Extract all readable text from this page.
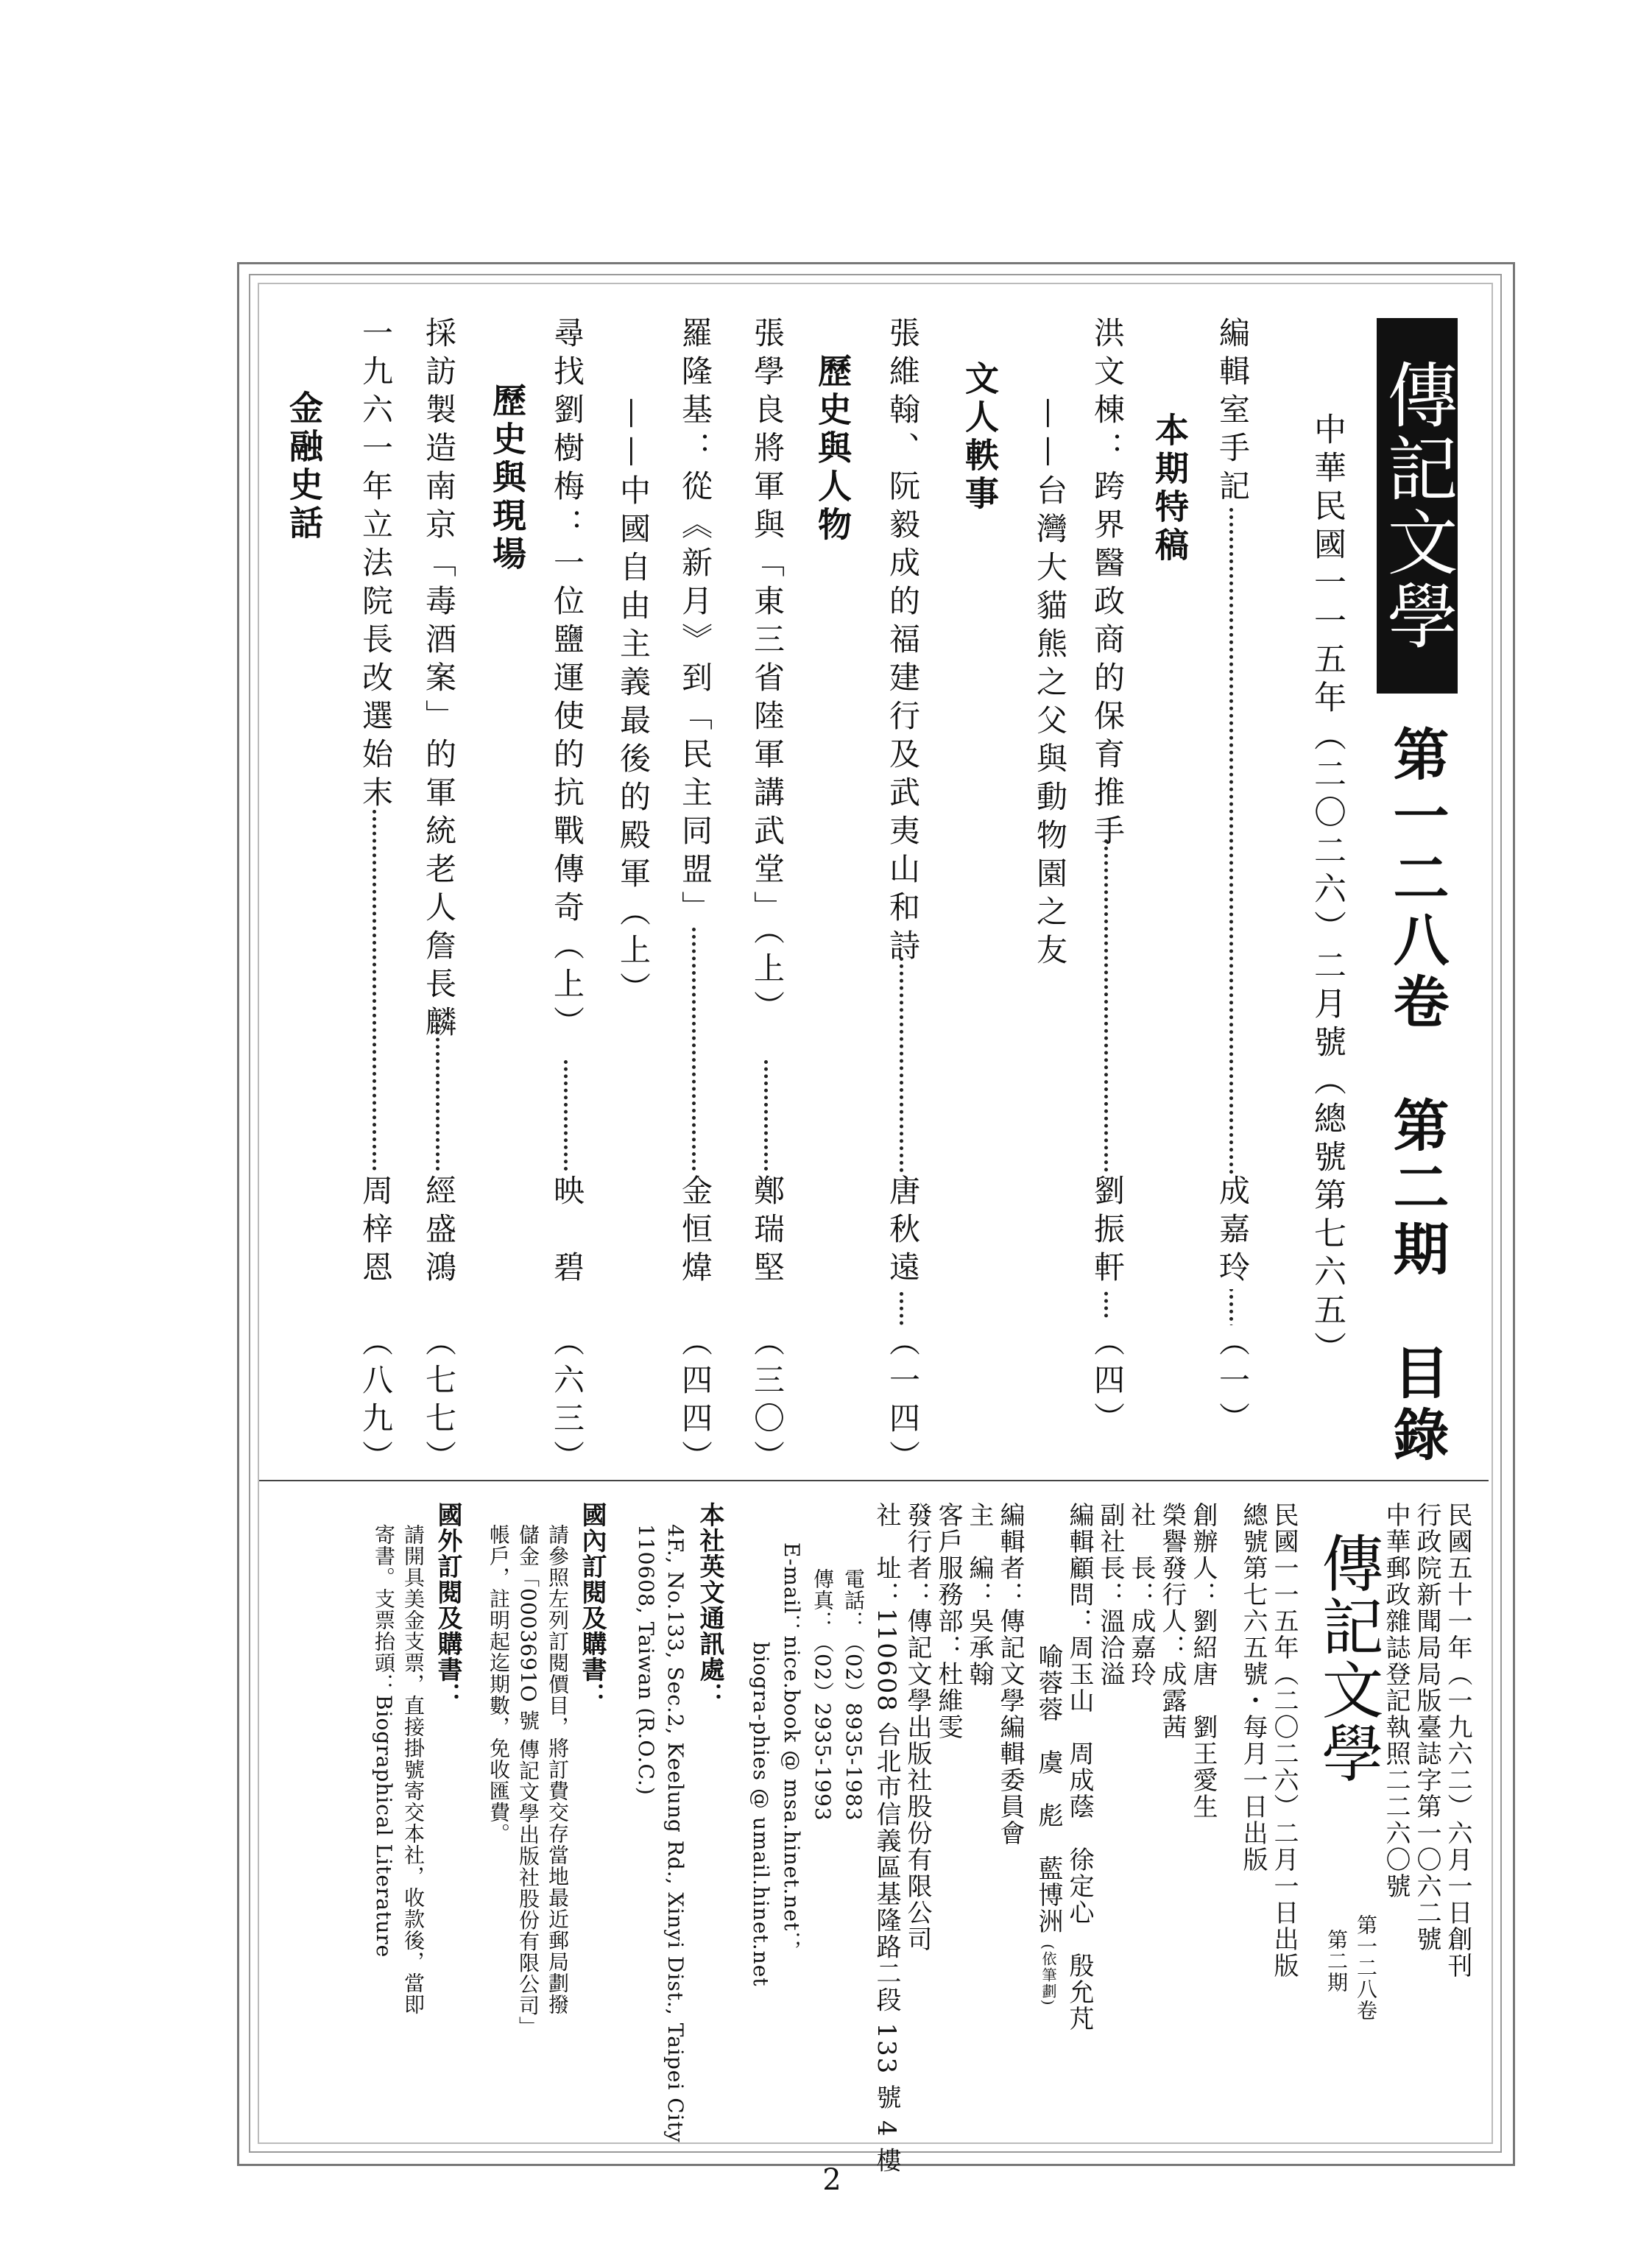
傳記文學
第一二八卷　第二期　目錄
中華民國一一五年（二〇二六）二月號（總號第七六五）
編輯室手記
成嘉玲
（一）
本期特稿
洪文棟：跨界醫政商的保育推手
劉振軒
（四）
——台灣大貓熊之父與動物園之友
文人軼事
張維翰、阮毅成的福建行及武夷山和詩
唐秋遠
（一四）
歷史與人物
張學良將軍與「東三省陸軍講武堂」（上）
鄭瑞堅
（三〇）
羅隆基：從《新月》到「民主同盟」
金恒煒
（四四）
——中國自由主義最後的殿軍（上）
尋找劉樹梅：一位鹽運使的抗戰傳奇（上）
映　碧
（六三）
歷史與現場
採訪製造南京「毒酒案」的軍統老人詹長麟
經盛鴻
（七七）
一九六一年立法院長改選始末
周梓恩
（八九）
金融史話
民國五十一年（一九六二）六月一日創刊
行政院新聞局局版臺誌字第一〇六二號
中華郵政雜誌登記執照二二六〇號
第一二八卷
第二期
傳記文學
民國一一五年（二〇二六）二月一日出版
總號第七六五號・每月一日出版
創辦人：劉紹唐　劉王愛生
榮譽發行人：成露茜
社　長：成嘉玲
副社長：溫洽溢
編輯顧問：周玉山　周成蔭　徐定心　殷允芃
喻蓉蓉　虞　彪　藍博洲(依筆劃)
編輯者：傳記文學編輯委員會
主　編：吳承翰
客戶服務部：杜維雯
發行者：傳記文學出版社股份有限公司
社　址：110608 台北市信義區基隆路二段 133 號 4 樓
電話：（02）8935-1983
傳真：（02）2935-1993
E-mail：nice.book @ msa.hinet.net；
biogra-phies @ umail.hinet.net
本社英文通訊處：
4F., No.133, Sec.2, Keelung Rd., Xinyi Dist., Taipei City
110608, Taiwan (R.O.C.)
國內訂閱及購書：
請參照左列訂閱價目，將訂費交存當地最近郵局劃撥
儲金「0003691O 號 傳記文學出版社股份有限公司」
帳戶，註明起迄期數，免收匯費。
國外訂閱及購書：
請開具美金支票，直接掛號寄交本社，收款後，當即
寄書。支票抬頭：Biographical Literature
2
